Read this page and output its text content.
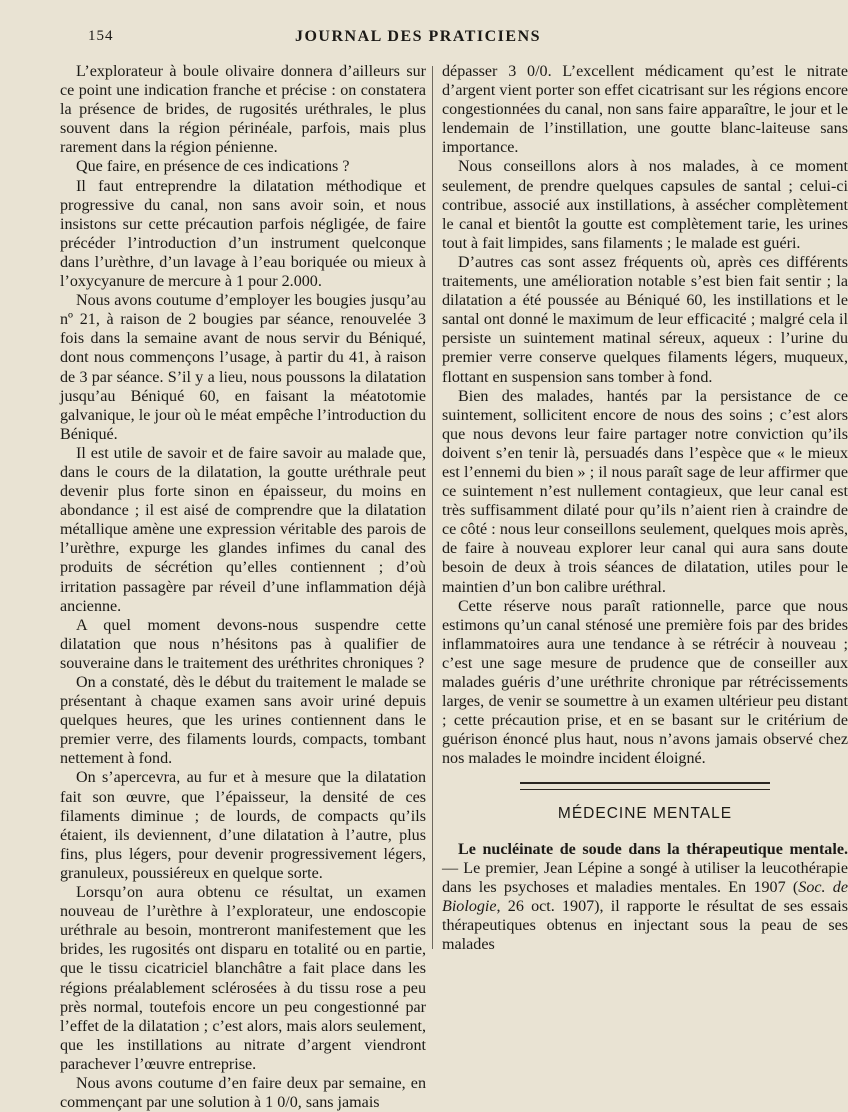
154	JOURNAL DES PRATICIENS

L’explorateur à boule olivaire donnera d’ailleurs sur ce point une indication franche et précise : on constatera la présence de brides, de rugosités uréthrales, le plus souvent dans la région périnéale, parfois, mais plus rarement dans la région pénienne.

Que faire, en présence de ces indications ?

Il faut entreprendre la dilatation méthodique et progressive du canal, non sans avoir soin, et nous insistons sur cette précaution parfois négligée, de faire précéder l’introduction d’un instrument quelconque dans l’urèthre, d’un lavage à l’eau boriquée ou mieux à l’oxycyanure de mercure à 1 pour 2.000.

Nous avons coutume d’employer les bougies jusqu’au nº 21, à raison de 2 bougies par séance, renouvelée 3 fois dans la semaine avant de nous servir du Béniqué, dont nous commençons l’usage, à partir du 41, à raison de 3 par séance. S’il y a lieu, nous poussons la dilatation jusqu’au Béniqué 60, en faisant la méatotomie galvanique, le jour où le méat empêche l’introduction du Béniqué.

Il est utile de savoir et de faire savoir au malade que, dans le cours de la dilatation, la goutte uréthrale peut devenir plus forte sinon en épaisseur, du moins en abondance ; il est aisé de comprendre que la dilatation métallique amène une expression véritable des parois de l’urèthre, expurge les glandes infimes du canal des produits de sécrétion qu’elles contiennent ; d’où irritation passagère par réveil d’une inflammation déjà ancienne.

A quel moment devons-nous suspendre cette dilatation que nous n’hésitons pas à qualifier de souveraine dans le traitement des uréthrites chroniques ?

On a constaté, dès le début du traitement le malade se présentant à chaque examen sans avoir uriné depuis quelques heures, que les urines contiennent dans le premier verre, des filaments lourds, compacts, tombant nettement à fond.

On s’apercevra, au fur et à mesure que la dilatation fait son œuvre, que l’épaisseur, la densité de ces filaments diminue ; de lourds, de compacts qu’ils étaient, ils deviennent, d’une dilatation à l’autre, plus fins, plus légers, pour devenir progressivement légers, granuleux, poussiéreux en quelque sorte.

Lorsqu’on aura obtenu ce résultat, un examen nouveau de l’urèthre à l’explorateur, une endoscopie uréthrale au besoin, montreront manifestement que les brides, les rugosités ont disparu en totalité ou en partie, que le tissu cicatriciel blanchâtre a fait place dans les régions préalablement sclérosées à du tissu rose a peu près normal, toutefois encore un peu congestionné par l’effet de la dilatation ; c’est alors, mais alors seulement, que les instillations au nitrate d’argent viendront parachever l’œuvre entreprise.

Nous avons coutume d’en faire deux par semaine, en commençant par une solution à 1 0/0, sans jamais

dépasser 3 0/0. L’excellent médicament qu’est le nitrate d’argent vient porter son effet cicatrisant sur les régions encore congestionnées du canal, non sans faire apparaître, le jour et le lendemain de l’instillation, une goutte blanc-laiteuse sans importance.

Nous conseillons alors à nos malades, à ce moment seulement, de prendre quelques capsules de santal ; celui-ci contribue, associé aux instillations, à assécher complètement le canal et bientôt la goutte est complètement tarie, les urines tout à fait limpides, sans filaments ; le malade est guéri.

D’autres cas sont assez fréquents où, après ces différents traitements, une amélioration notable s’est bien fait sentir ; la dilatation a été poussée au Béniqué 60, les instillations et le santal ont donné le maximum de leur efficacité ; malgré cela il persiste un suintement matinal séreux, aqueux : l’urine du premier verre conserve quelques filaments légers, muqueux, flottant en suspension sans tomber à fond.

Bien des malades, hantés par la persistance de ce suintement, sollicitent encore de nous des soins ; c’est alors que nous devons leur faire partager notre conviction qu’ils doivent s’en tenir là, persuadés dans l’espèce que « le mieux est l’ennemi du bien » ; il nous paraît sage de leur affirmer que ce suintement n’est nullement contagieux, que leur canal est très suffisamment dilaté pour qu’ils n’aient rien à craindre de ce côté : nous leur conseillons seulement, quelques mois après, de faire à nouveau explorer leur canal qui aura sans doute besoin de deux à trois séances de dilatation, utiles pour le maintien d’un bon calibre uréthral.

Cette réserve nous paraît rationnelle, parce que nous estimons qu’un canal sténosé une première fois par des brides inflammatoires aura une tendance à se rétrécir à nouveau ; c’est une sage mesure de prudence que de conseiller aux malades guéris d’une uréthrite chronique par rétrécissements larges, de venir se soumettre à un examen ultérieur peu distant ; cette précaution prise, et en se basant sur le critérium de guérison énoncé plus haut, nous n’avons jamais observé chez nos malades le moindre incident éloigné.

MÉDECINE MENTALE

Le nucléinate de soude dans la thérapeutique mentale. — Le premier, Jean Lépine a songé à utiliser la leucothérapie dans les psychoses et maladies mentales. En 1907 (Soc. de Biologie, 26 oct. 1907), il rapporte le résultat de ses essais thérapeutiques obtenus en injectant sous la peau de ses malades
